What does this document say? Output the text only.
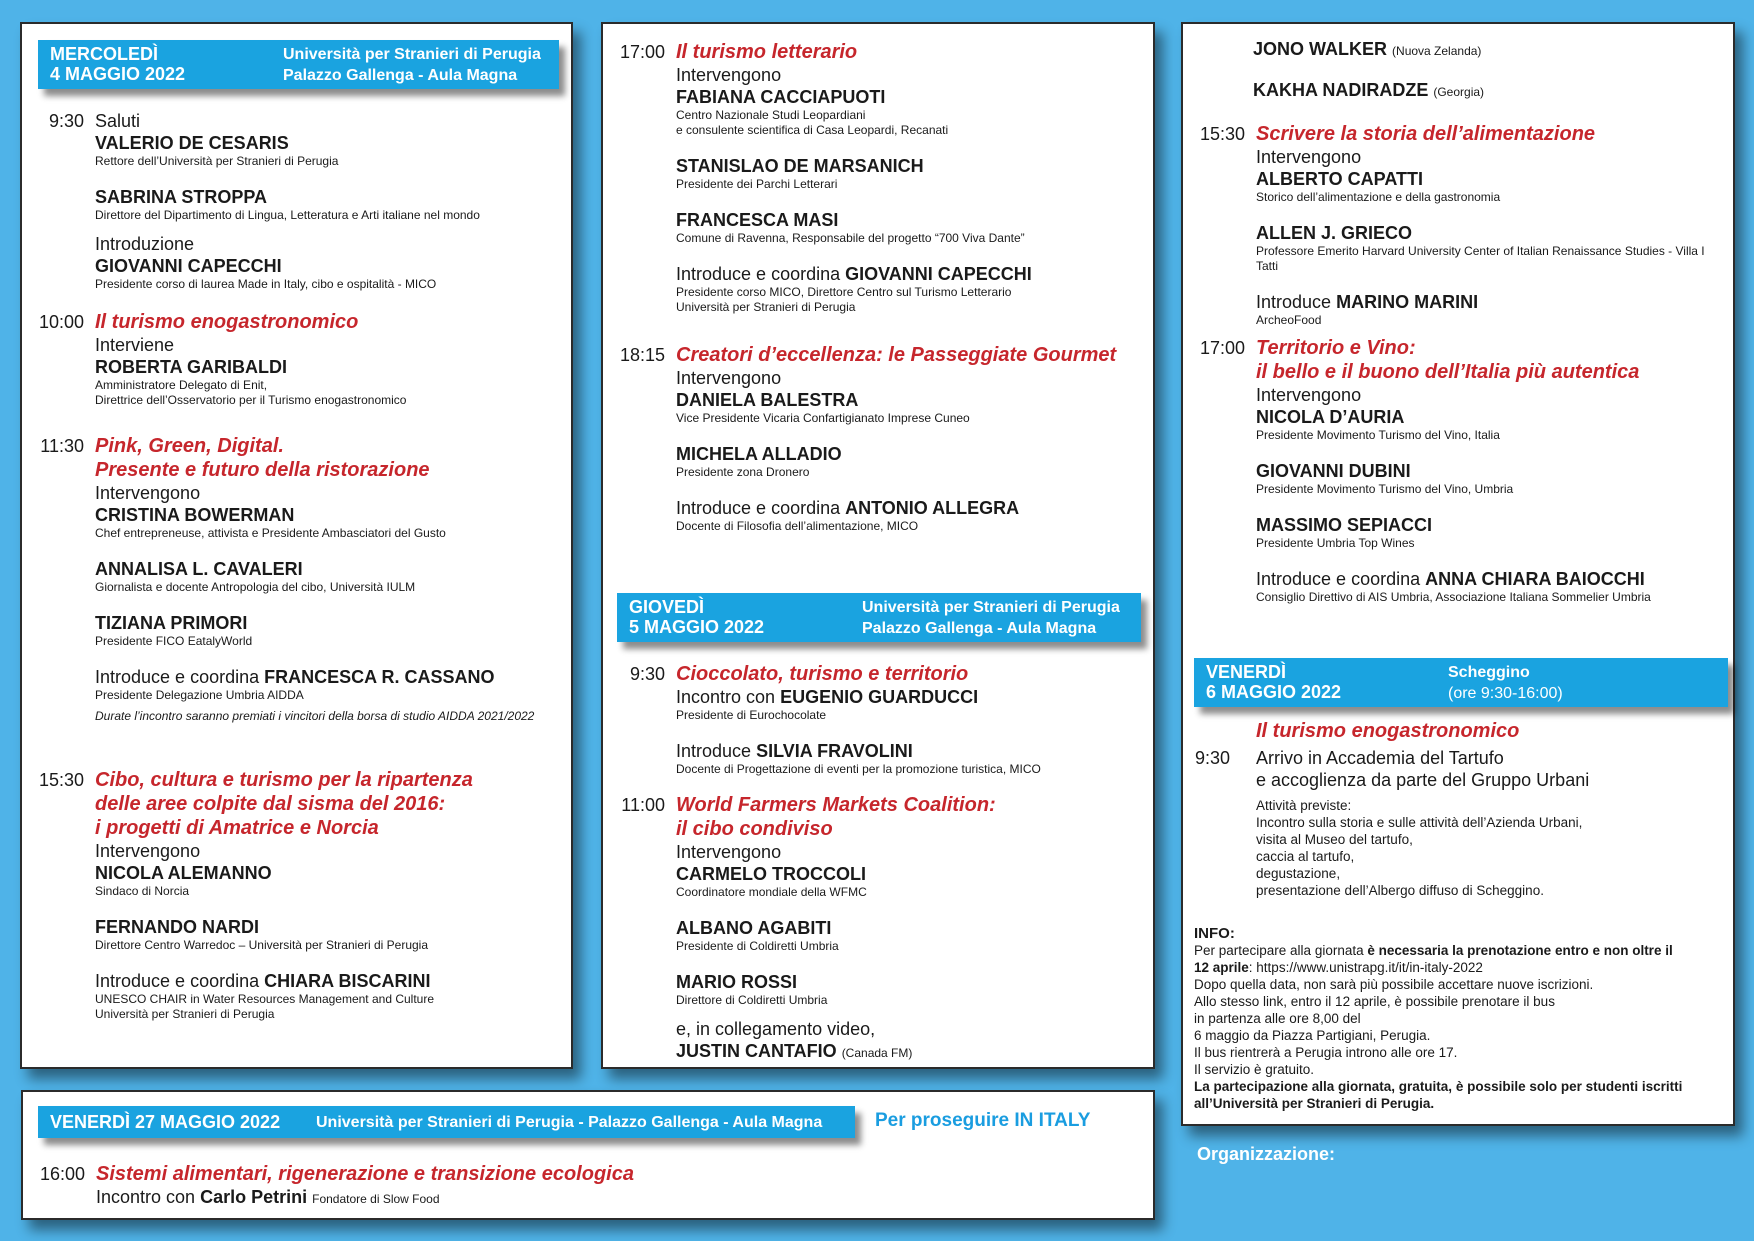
MERCOLEDÌ
4 MAGGIO 2022
Università per Stranieri di Perugia
Palazzo Gallenga - Aula Magna
9:30 Saluti

VALERIO DE CESARIS

Rettore dell’Università per Stranieri di Perugia

SABRINA STROPPA

Direttore del Dipartimento di Lingua, Letteratura e Arti italiane nel mondo

Introduzione

GIOVANNI CAPECCHI

Presidente corso di laurea Made in Italy, cibo e ospitalità - MICO

10:00 Il turismo enogastronomico

Interviene

ROBERTA GARIBALDI

Amministratore Delegato di Enit,

Direttrice dell’Osservatorio per il Turismo enogastronomico

11:30 Pink, Green, Digital.

Presente e futuro della ristorazione

Intervengono

CRISTINA BOWERMAN

Chef entrepreneuse, attivista e Presidente Ambasciatori del Gusto

ANNALISA L. CAVALERI

Giornalista e docente Antropologia del cibo, Università IULM

TIZIANA PRIMORI

Presidente FICO EatalyWorld

Introduce e coordina FRANCESCA R. CASSANO

Presidente Delegazione Umbria AIDDA

Durate l’incontro saranno premiati i vincitori della borsa di studio AIDDA 2021/2022

15:30 Cibo, cultura e turismo per la ripartenza

delle aree colpite dal sisma del 2016:

i progetti di Amatrice e Norcia

Intervengono

NICOLA ALEMANNO

Sindaco di Norcia

FERNANDO NARDI

Direttore Centro Warredoc – Università per Stranieri di Perugia

Introduce e coordina CHIARA BISCARINI

UNESCO CHAIR in Water Resources Management and Culture

Università per Stranieri di Perugia

17:00 Il turismo letterario

Intervengono

FABIANA CACCIAPUOTI

Centro Nazionale Studi Leopardiani

e consulente scientifica di Casa Leopardi, Recanati

STANISLAO DE MARSANICH

Presidente dei Parchi Letterari

FRANCESCA MASI

Comune di Ravenna, Responsabile del progetto “700 Viva Dante”

Introduce e coordina GIOVANNI CAPECCHI

Presidente corso MICO, Direttore Centro sul Turismo Letterario

Università per Stranieri di Perugia

18:15 Creatori d’eccellenza: le Passeggiate Gourmet

Intervengono

DANIELA BALESTRA

Vice Presidente Vicaria Confartigianato Imprese Cuneo

MICHELA ALLADIO

Presidente zona Dronero

Introduce e coordina ANTONIO ALLEGRA

Docente di Filosofia dell’alimentazione, MICO

GIOVEDÌ
5 MAGGIO 2022
Università per Stranieri di Perugia
Palazzo Gallenga - Aula Magna
9:30 Cioccolato, turismo e territorio

Incontro con EUGENIO GUARDUCCI

Presidente di Eurochocolate

Introduce SILVIA FRAVOLINI

Docente di Progettazione di eventi per la promozione turistica, MICO

11:00 World Farmers Markets Coalition:

il cibo condiviso

Intervengono

CARMELO TROCCOLI

Coordinatore mondiale della WFMC

ALBANO AGABITI

Presidente di Coldiretti Umbria

MARIO ROSSI

Direttore di Coldiretti Umbria

e, in collegamento video,

JUSTIN CANTAFIO (Canada FM)

JONO WALKER (Nuova Zelanda)

KAKHA NADIRADZE (Georgia)

15:30 Scrivere la storia dell’alimentazione

Intervengono

ALBERTO CAPATTI

Storico dell’alimentazione e della gastronomia

ALLEN J. GRIECO

Professore Emerito Harvard University Center of Italian Renaissance Studies - Villa I Tatti

Introduce MARINO MARINI

ArcheoFood

17:00 Territorio e Vino:

il bello e il buono dell’Italia più autentica

Intervengono

NICOLA D’AURIA

Presidente Movimento Turismo del Vino, Italia

GIOVANNI DUBINI

Presidente Movimento Turismo del Vino, Umbria

MASSIMO SEPIACCI

Presidente Umbria Top Wines

Introduce e coordina ANNA CHIARA BAIOCCHI

Consiglio Direttivo di AIS Umbria, Associazione Italiana Sommelier Umbria

VENERDÌ
6 MAGGIO 2022
Scheggino
(ore 9:30-16:00)

Il turismo enogastronomico

9:30	Arrivo in Accademia del Tartufo

e accoglienza da parte del Gruppo Urbani

Attività previste:
Incontro sulla storia e sulle attività dell’Azienda Urbani,
visita al Museo del tartufo,
caccia al tartufo,
degustazione,
presentazione dell’Albergo diffuso di Scheggino.
INFO:
Per partecipare alla giornata è necessaria la prenotazione entro e non oltre il
12 aprile: https://www.unistrapg.it/it/in-italy-2022
Dopo quella data, non sarà più possibile accettare nuove iscrizioni.
Allo stesso link, entro il 12 aprile, è possibile prenotare il bus
in partenza alle ore 8,00 del
6 maggio da Piazza Partigiani, Perugia.
Il bus rientrerà a Perugia introno alle ore 17.
Il servizio è gratuito.
La partecipazione alla giornata, gratuita, è possibile solo per studenti iscritti
all’Università per Stranieri di Perugia.
Organizzazione:
VENERDÌ 27 MAGGIO 2022 Università per Stranieri di Perugia - Palazzo Gallenga - Aula Magna	Per proseguire IN ITALY
16:00 Sistemi alimentari, rigenerazione e transizione ecologica

Incontro con Carlo Petrini Fondatore di Slow Food
